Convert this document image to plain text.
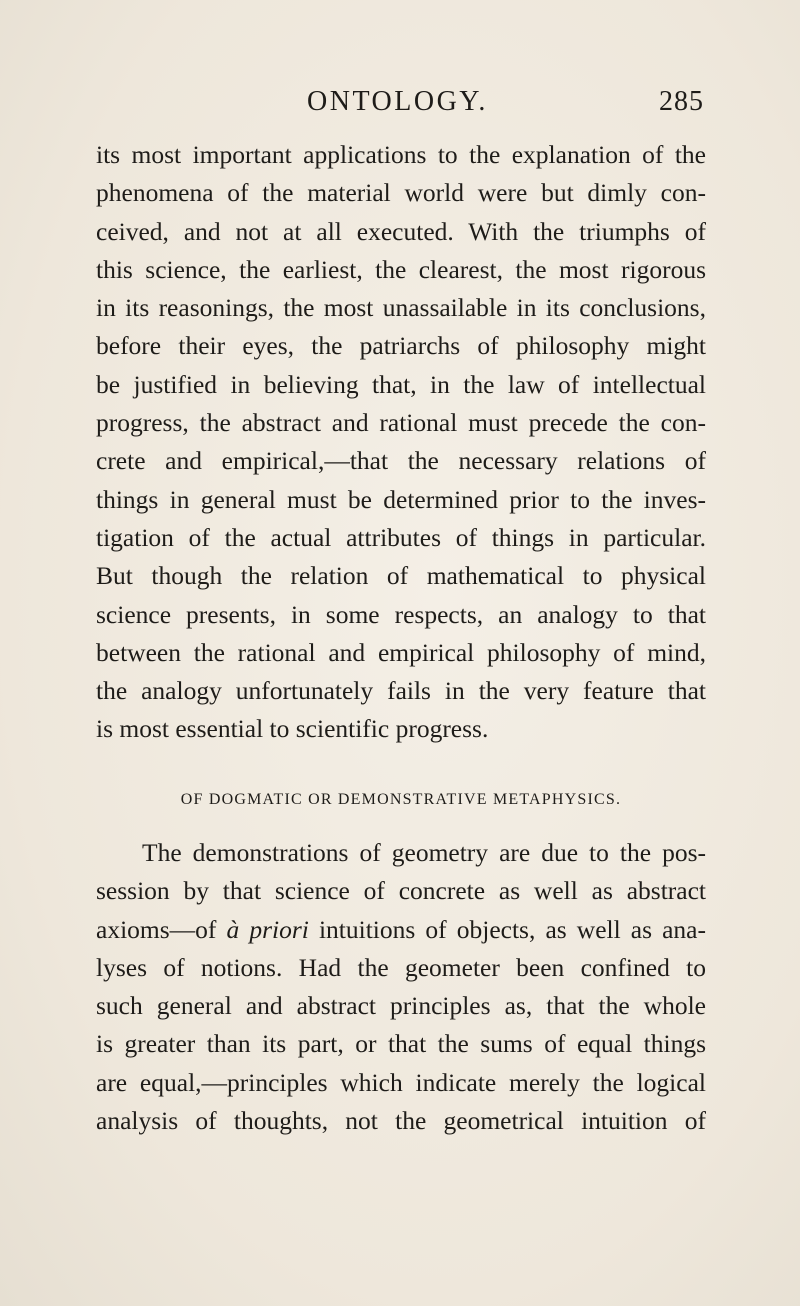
ONTOLOGY.	285
its most important applications to the explanation of the
phenomena of the material world were but dimly con-
ceived, and not at all executed. With the triumphs of
this science, the earliest, the clearest, the most rigorous
in its reasonings, the most unassailable in its conclusions,
before their eyes, the patriarchs of philosophy might
be justified in believing that, in the law of intellectual
progress, the abstract and rational must precede the con-
crete and empirical,—that the necessary relations of
things in general must be determined prior to the inves-
tigation of the actual attributes of things in particular.
But though the relation of mathematical to physical
science presents, in some respects, an analogy to that
between the rational and empirical philosophy of mind,
the analogy unfortunately fails in the very feature that
is most essential to scientific progress.
OF DOGMATIC OR DEMONSTRATIVE METAPHYSICS.
The demonstrations of geometry are due to the pos-
session by that science of concrete as well as abstract
axioms—of à priori intuitions of objects, as well as ana-
lyses of notions. Had the geometer been confined to
such general and abstract principles as, that the whole
is greater than its part, or that the sums of equal things
are equal,—principles which indicate merely the logical
analysis of thoughts, not the geometrical intuition of
